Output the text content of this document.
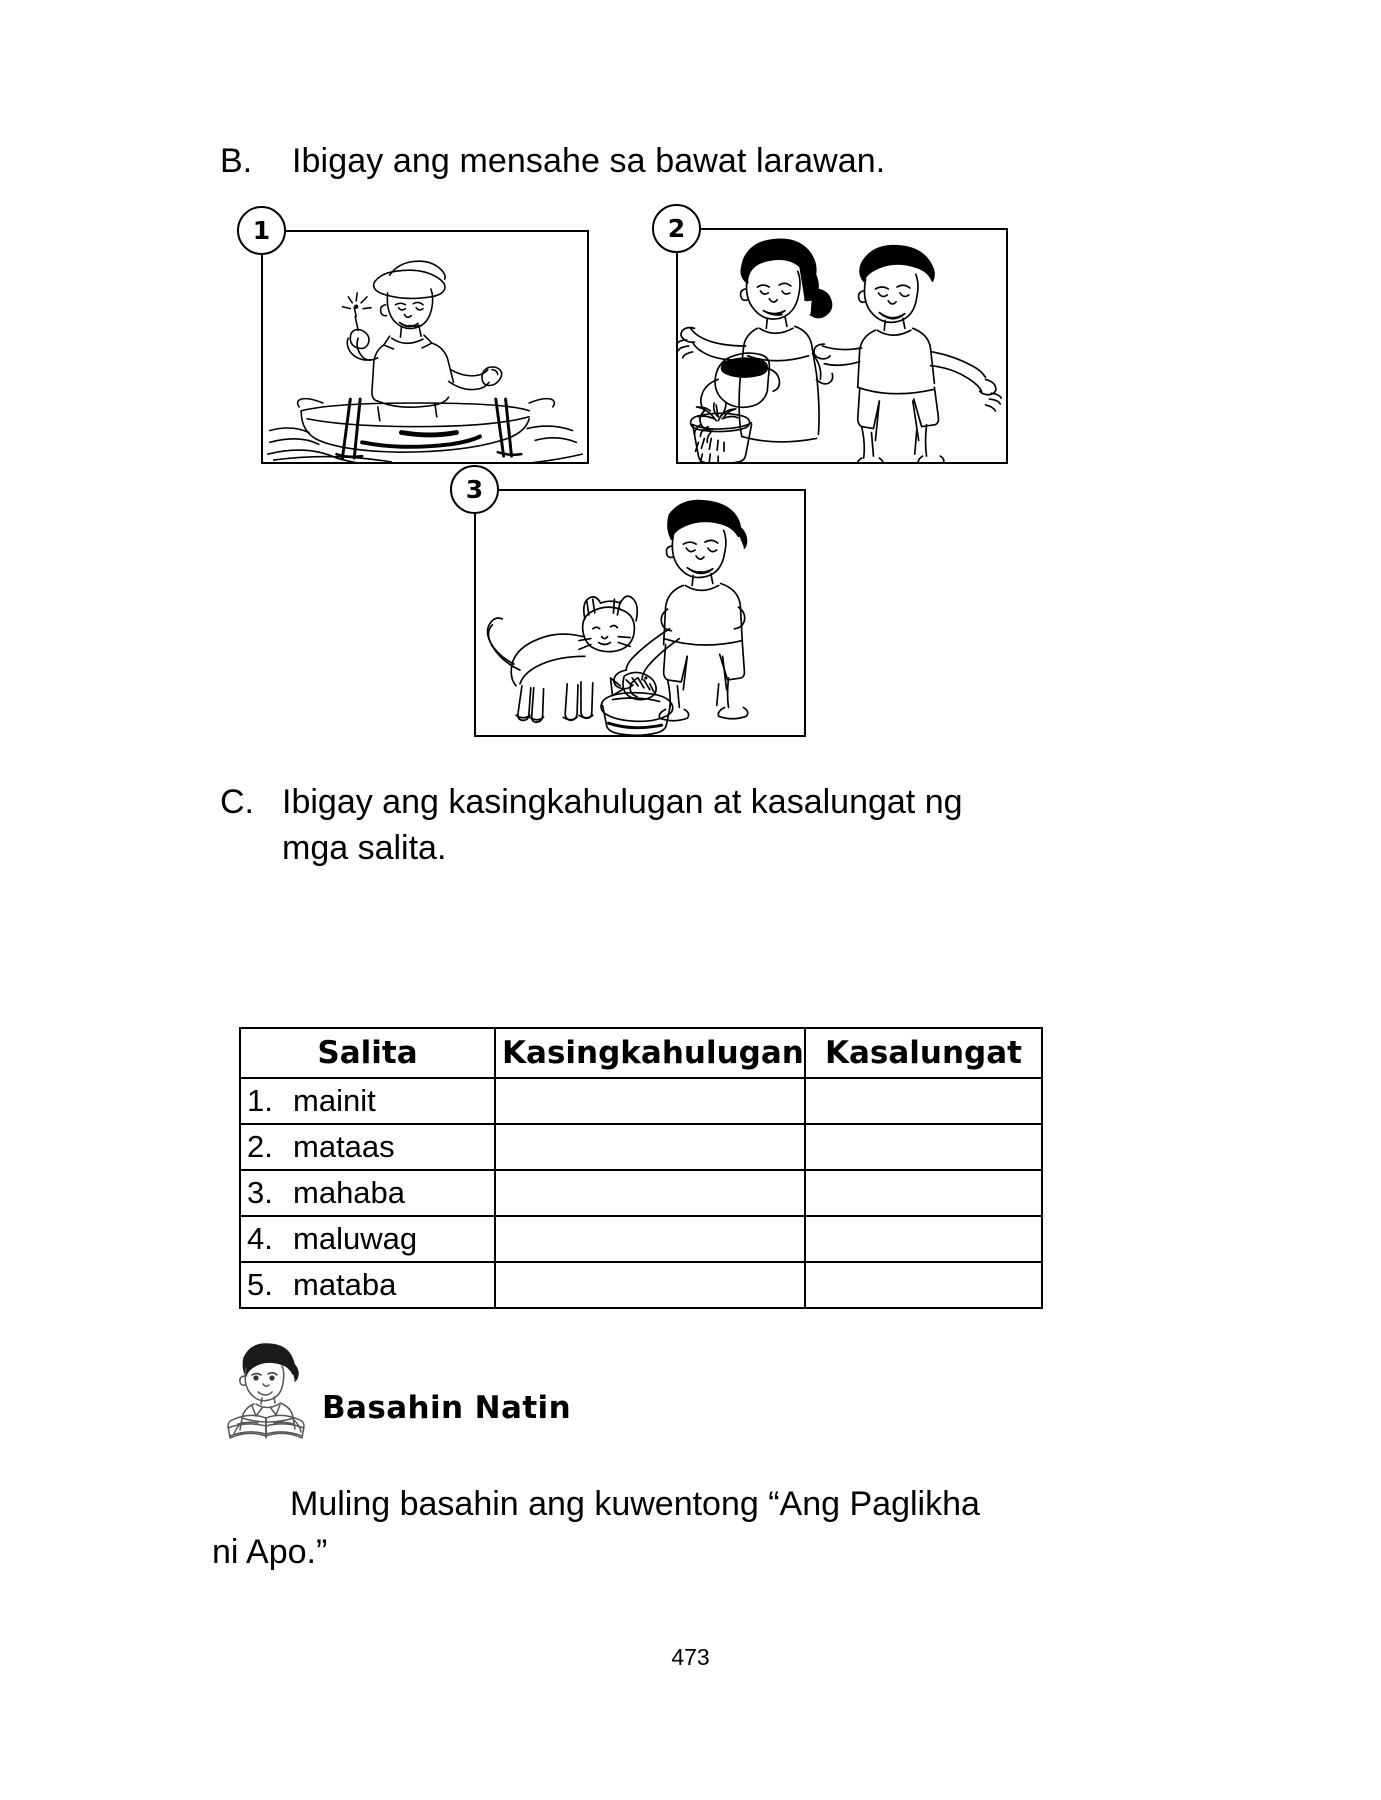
B.	Ibigay ang mensahe sa bawat larawan.
1	2
3
C. Ibigay ang kasingkahulugan at kasalungat ng
mga salita.
Salita	Kasingkahulugan	Kasalungat
1. mainit		
2. mataas		
3. mahaba		
4. maluwag		
5. mataba		
Basahin Natin
Muling basahin ang kuwentong “Ang Paglikha
ni Apo.”
473
